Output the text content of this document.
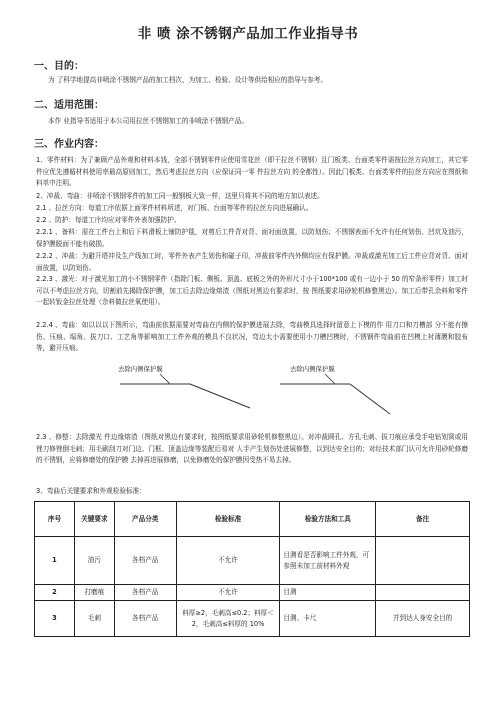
非 喷 涂不锈钢产品加工作业指导书
一、目的：
为 了科学地提高非喷涂不锈钢产品的加工档次，为加工、检验、设计等供给相应的指导与参考。
二、适用范围：
本作 业指导书适用于本公司用拉丝不锈钢加工的非喷涂不锈钢产品。
三、作业内容：
1、零件材料：为了兼顾产品外观和材料本钱，全部不锈钢零件应使用雪花丝（即干拉丝不锈钢）且门板类、台面类零件需按拉丝方向加工，其它零件应优先遵循材料使用率最高原则加工，然后考虑拉丝方向（应保证同一零 件拉丝方向 的全都性）。因此门板类、台面类零件的拉丝方向应在图纸和料单中注明。
2、冲裁、弯曲：非喷涂不锈钢零件的加工同一般钢板大致一样，这里只将其不同的地方加以表述。
2.1 、拉丝方向：每道工序依据上面零件材料所述，对门板、台面等零件的拉丝方向进展确认。
2.2 、防护：每道工序均应对零件外表加强防护。
2.2.1 、备料：需在工件台上和后下料滑板上铺防护毯，对剪后工件背对背、面对面放置，以防划伤；不锈钢表面不允许有任何划伤、凹坑及油污，保护膜脱面不能有破损。
2.2.2 、冲裁：为避开塔冲及生产线加工时，零件外表产生划伤和碰子印，冲裁前零件内外侧均应有保护膜。冲裁或激光加工后工件应背对背、面对面放置，以防划伤。
2.2.3 、激光：对于激光加工的小不锈钢零件（指除门板、侧板、顶盖、底板之外的外形尺寸小于100*100 或有一边小于 50 的窄条形零件）加工时可以不考虑拉丝方向，切割前先揭除保护膜，加工后去除边缘熔渣（图纸对黑边有要求时，按 图纸要求用砂轮机修整黑边）。加工后带孔余料和零件一起转钣金拉丝处理（余料做拉丝氧使用）。
2.2.4 、弯曲：如以以以下图所示，弯曲前依据需要对弯曲在内侧的保护膜进展去除，弯曲模具选择时留意上下模的作 用刀口和刀槽部 分不能有擦伤、压痕、塌角、拔刀口、工艺角等影响加工工件外观的模具不良状况，弯边太小需要使用小刀槽凹模时，不锈钢件弯曲前在凹模上衬薄膜和胶布等，避开压痕。
去除内侧保护膜	去除内侧保护膜
2.3 、修整：去除激光 件边缘熔渣（图纸对黑边有要求时，按图纸要求用砂轮机修整黑边）。对冲裁圆孔、方孔毛刺、拔刀痕应承受手电钻划窝或用锉刀修锉倒毛刺；用毛刷刮刀对门边、门框、顶盖边缘等装配后易对 人手产生划伤处进展修整，以到达安全目的；对经技术部门认可允许用砂轮修磨的不锈钢，应将修磨处的保护膜 去掉再进展修磨，以免修磨处的保护膜因受热不易去掉。
3、弯曲后关键要求和外观检验标准：
序号	关键要求	产品分类	检验标准	检验方法和工具	备注
1	油污	各档产品	不允许	目测看是否影响工件外观，可参照未加工前材料外观	
2	打磨痕	各档产品	不允许	目测	
3	毛刺	各档产品	料厚≥2，毛刺高≤0.2；料厚＜2，毛刺高≤料厚的 10%	目测、卡尺	并到达人身安全目的
